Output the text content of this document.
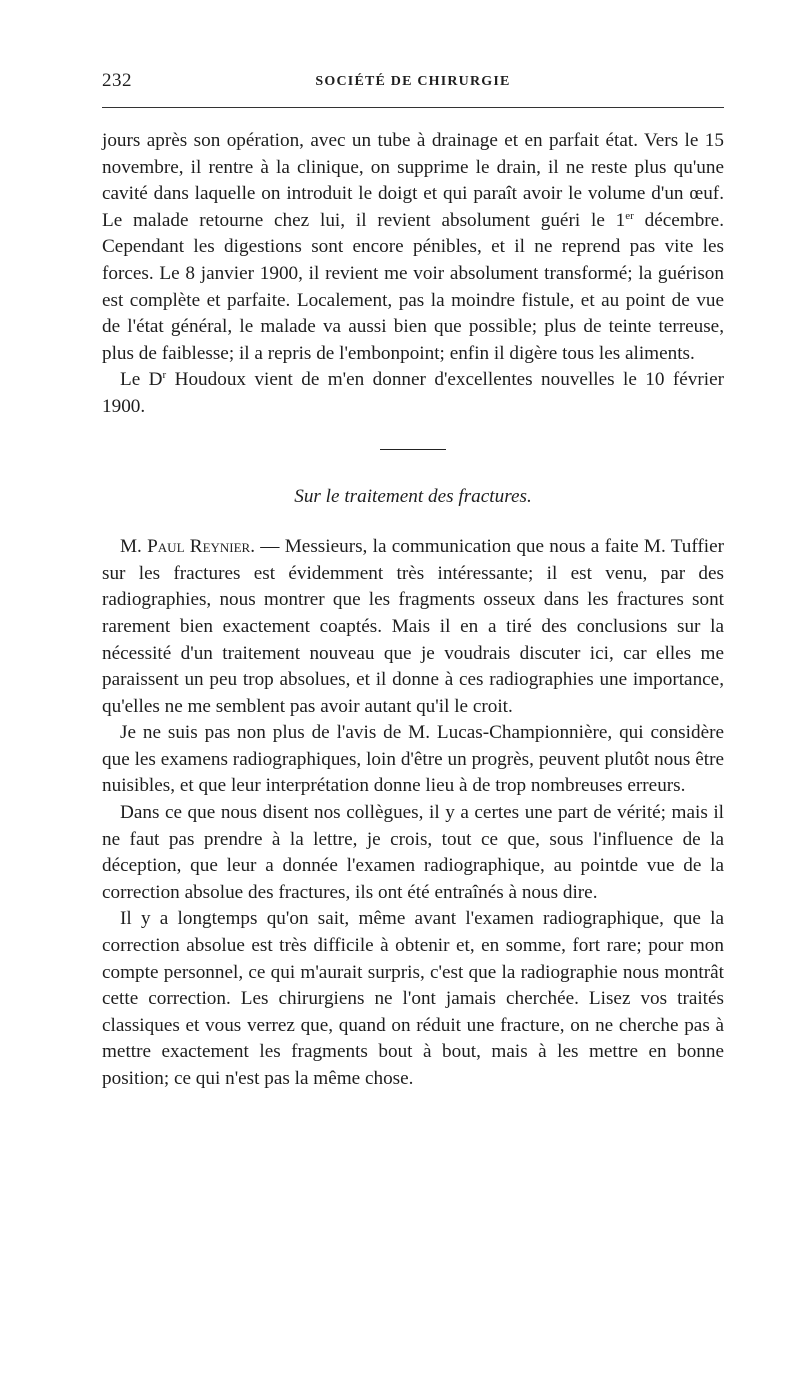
232	SOCIÉTÉ DE CHIRURGIE

jours après son opération, avec un tube à drainage et en parfait état. Vers le 15 novembre, il rentre à la clinique, on supprime le drain, il ne reste plus qu'une cavité dans laquelle on introduit le doigt et qui paraît avoir le volume d'un œuf. Le malade retourne chez lui, il revient absolument guéri le 1er décembre. Cependant les digestions sont encore pénibles, et il ne reprend pas vite les forces. Le 8 janvier 1900, il revient me voir absolument transformé; la guérison est complète et parfaite. Localement, pas la moindre fistule, et au point de vue de l'état général, le malade va aussi bien que possible; plus de teinte terreuse, plus de faiblesse; il a repris de l'embonpoint; enfin il digère tous les aliments.

Le $D^r$ Houdoux vient de m'en donner d'excellentes nouvelles le 10 février 1900.

Sur le traitement des fractures.

M. Paul Reynier. — Messieurs, la communication que nous a faite M. Tuffier sur les fractures est évidemment très intéressante; il est venu, par des radiographies, nous montrer que les fragments osseux dans les fractures sont rarement bien exactement coaptés. Mais il en a tiré des conclusions sur la nécessité d'un traitement nouveau que je voudrais discuter ici, car elles me paraissent un peu trop absolues, et il donne à ces radiographies une importance, qu'elles ne me semblent pas avoir autant qu'il le croit.

Je ne suis pas non plus de l'avis de M. Lucas-Championnière, qui considère que les examens radiographiques, loin d'être un progrès, peuvent plutôt nous être nuisibles, et que leur interprétation donne lieu à de trop nombreuses erreurs.

Dans ce que nous disent nos collègues, il y a certes une part de vérité; mais il ne faut pas prendre à la lettre, je crois, tout ce que, sous l'influence de la déception, que leur a donnée l'examen radiographique, au pointde vue de la correction absolue des fractures, ils ont été entraînés à nous dire.

Il y a longtemps qu'on sait, même avant l'examen radiographique, que la correction absolue est très difficile à obtenir et, en somme, fort rare; pour mon compte personnel, ce qui m'aurait surpris, c'est que la radiographie nous montrât cette correction. Les chirurgiens ne l'ont jamais cherchée. Lisez vos traités classiques et vous verrez que, quand on réduit une fracture, on ne cherche pas à mettre exactement les fragments bout à bout, mais à les mettre en bonne position; ce qui n'est pas la même chose.
